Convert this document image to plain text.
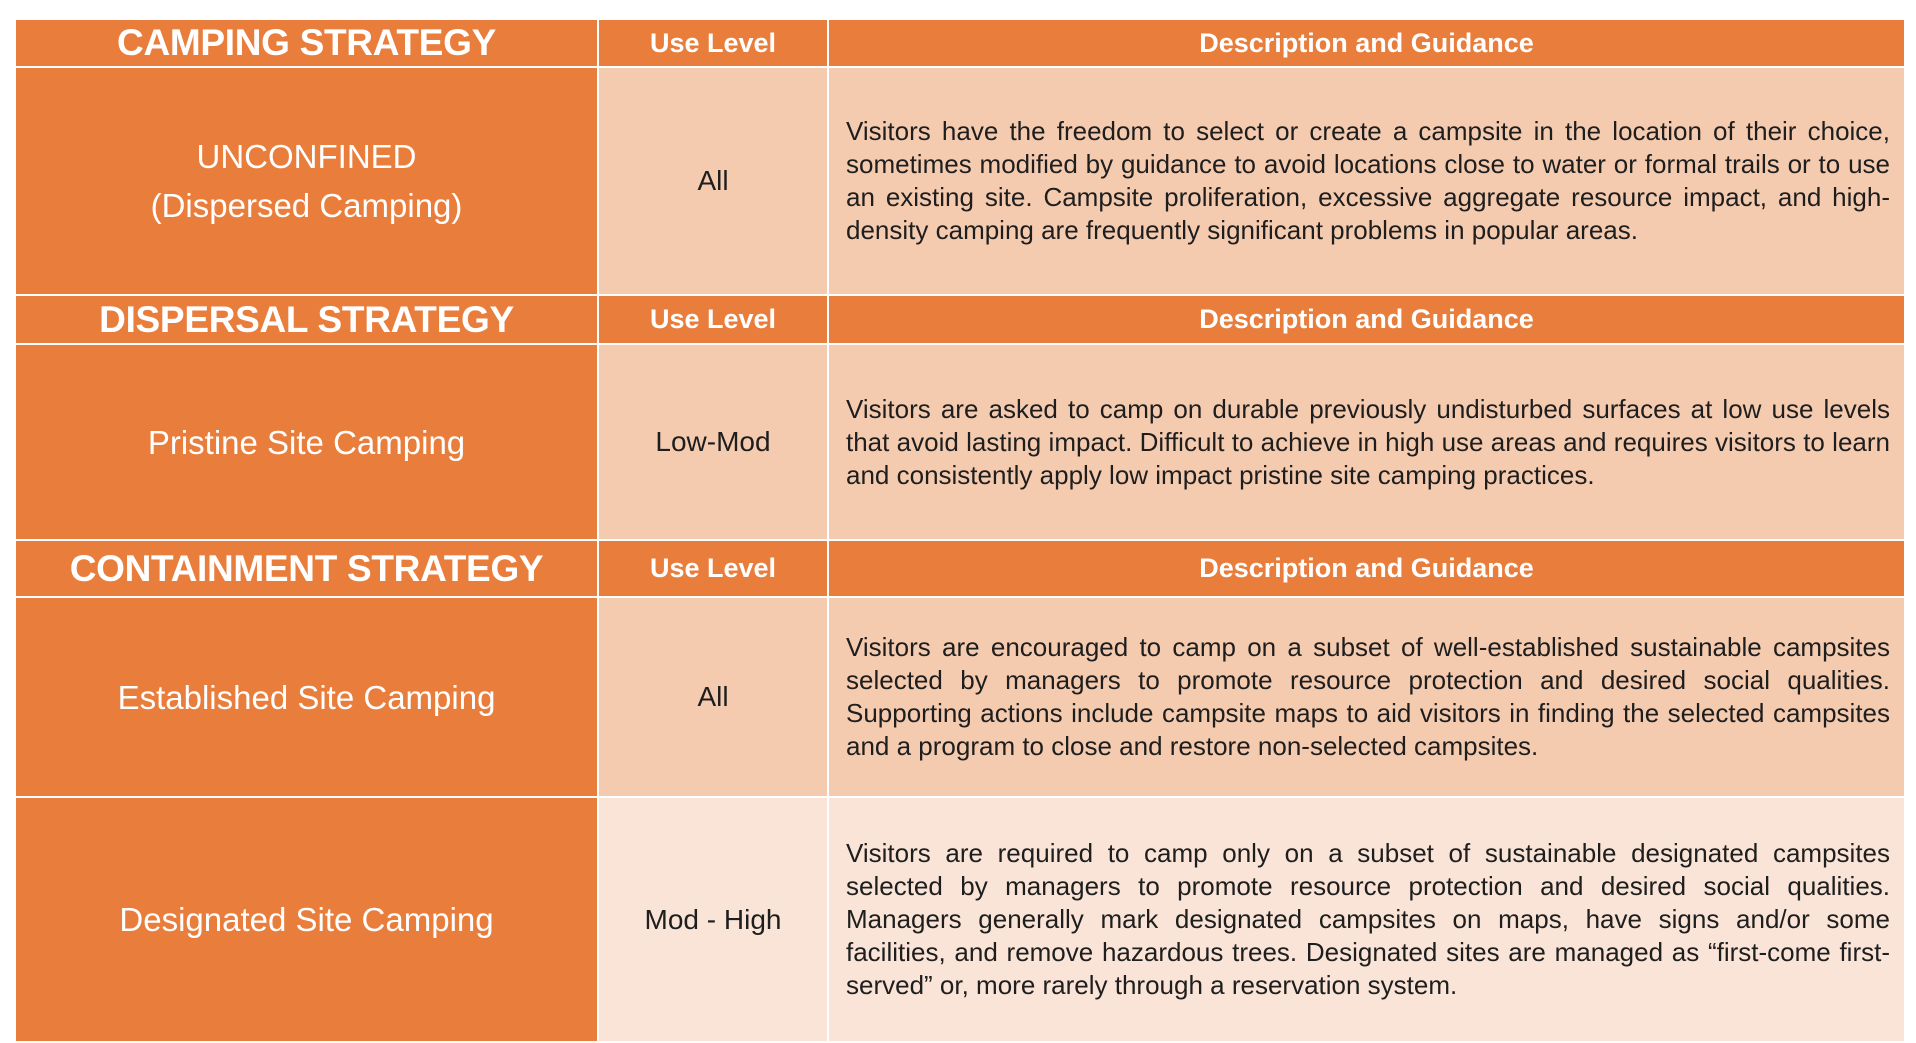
CAMPING STRATEGY	Use Level	Description and Guidance

UNCONFINED
(Dispersed Camping)	All	Visitors have the freedom to select or create a campsite in the location of their choice, sometimes modified by guidance to avoid locations close to water or formal trails or to use an existing site. Campsite proliferation, excessive aggregate resource impact, and high-density camping are frequently significant problems in popular areas.

DISPERSAL STRATEGY	Use Level	Description and Guidance
Pristine Site Camping	Low-Mod	Visitors are asked to camp on durable previously undisturbed surfaces at low use levels that avoid lasting impact. Difficult to achieve in high use areas and requires visitors to learn and consistently apply low impact pristine site camping practices.

CONTAINMENT STRATEGY	Use Level	Description and Guidance
Established Site Camping	All	Visitors are encouraged to camp on a subset of well-established sustainable campsites selected by managers to promote resource protection and desired social qualities. Supporting actions include campsite maps to aid visitors in finding the selected campsites and a program to close and restore non-selected campsites.

Designated Site Camping	Mod - High	Visitors are required to camp only on a subset of sustainable designated campsites selected by managers to promote resource protection and desired social qualities. Managers generally mark designated campsites on maps, have signs and/or some facilities, and remove hazardous trees. Designated sites are managed as “first-come first-served” or, more rarely through a reservation system.
